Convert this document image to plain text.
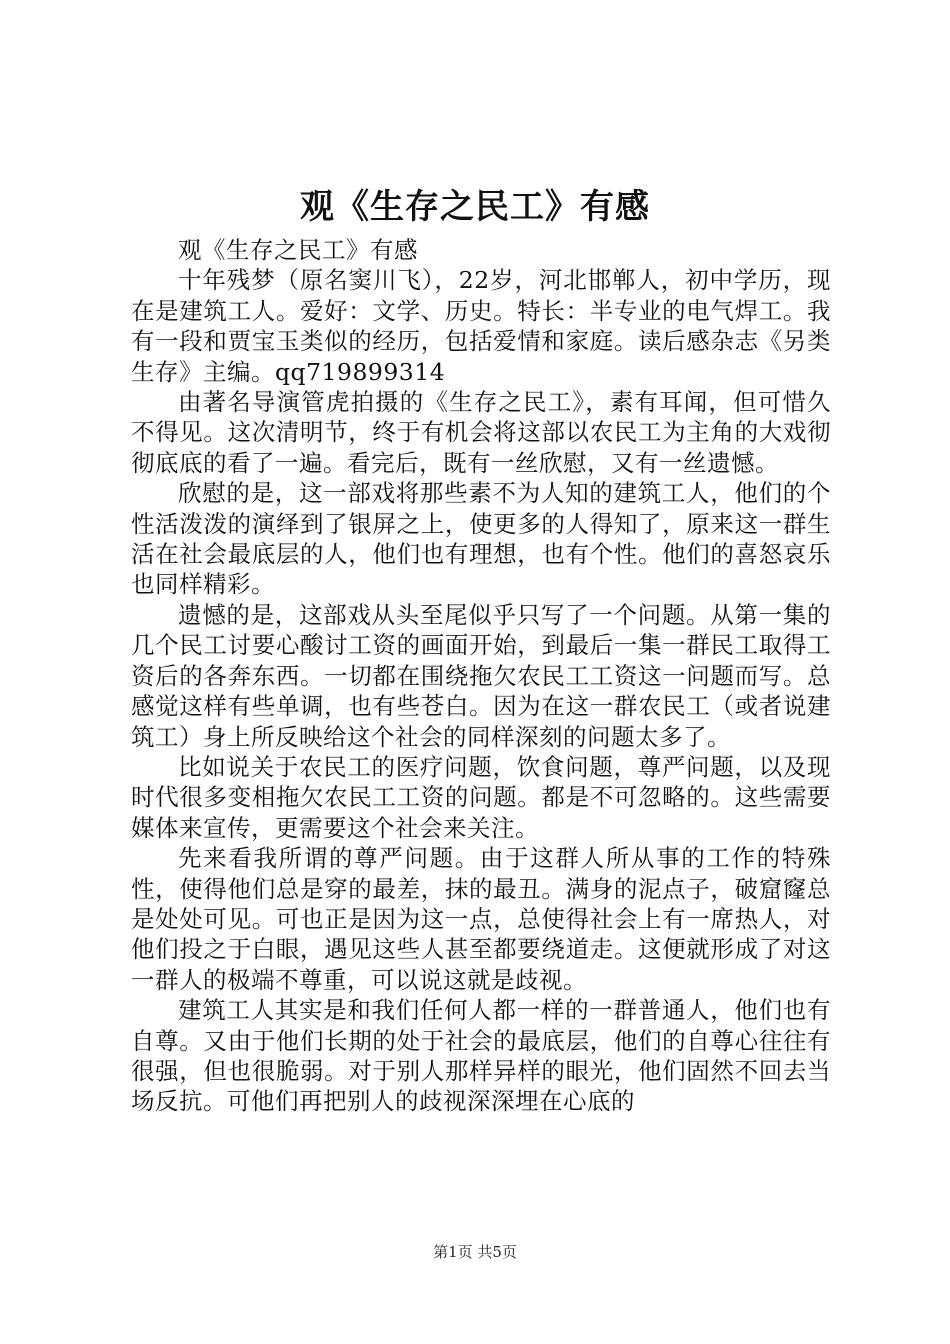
观《生存之民工》有感

观《生存之民工》有感

十年残梦（原名窦川飞），22岁，河北邯郸人，初中学历，现在是建筑工人。爱好：文学、历史。特长：半专业的电气焊工。我有一段和贾宝玉类似的经历，包括爱情和家庭。读后感杂志《另类生存》主编。qq719899314

由著名导演管虎拍摄的《生存之民工》，素有耳闻，但可惜久不得见。这次清明节，终于有机会将这部以农民工为主角的大戏彻彻底底的看了一遍。看完后，既有一丝欣慰，又有一丝遗憾。

欣慰的是，这一部戏将那些素不为人知的建筑工人，他们的个性活泼泼的演绎到了银屏之上，使更多的人得知了，原来这一群生活在社会最底层的人，他们也有理想，也有个性。他们的喜怒哀乐也同样精彩。

遗憾的是，这部戏从头至尾似乎只写了一个问题。从第一集的几个民工讨要心酸讨工资的画面开始，到最后一集一群民工取得工资后的各奔东西。一切都在围绕拖欠农民工工资这一问题而写。总感觉这样有些单调，也有些苍白。因为在这一群农民工（或者说建筑工）身上所反映给这个社会的同样深刻的问题太多了。

比如说关于农民工的医疗问题，饮食问题，尊严问题，以及现时代很多变相拖欠农民工工资的问题。都是不可忽略的。这些需要媒体来宣传，更需要这个社会来关注。

先来看我所谓的尊严问题。由于这群人所从事的工作的特殊性，使得他们总是穿的最差，抹的最丑。满身的泥点子，破窟窿总是处处可见。可也正是因为这一点，总使得社会上有一席热人，对他们投之于白眼，遇见这些人甚至都要绕道走。这便就形成了对这一群人的极端不尊重，可以说这就是歧视。

建筑工人其实是和我们任何人都一样的一群普通人，他们也有自尊。又由于他们长期的处于社会的最底层，他们的自尊心往往有很强，但也很脆弱。对于别人那样异样的眼光，他们固然不回去当场反抗。可他们再把别人的歧视深深埋在心底的

第1页 共5页
